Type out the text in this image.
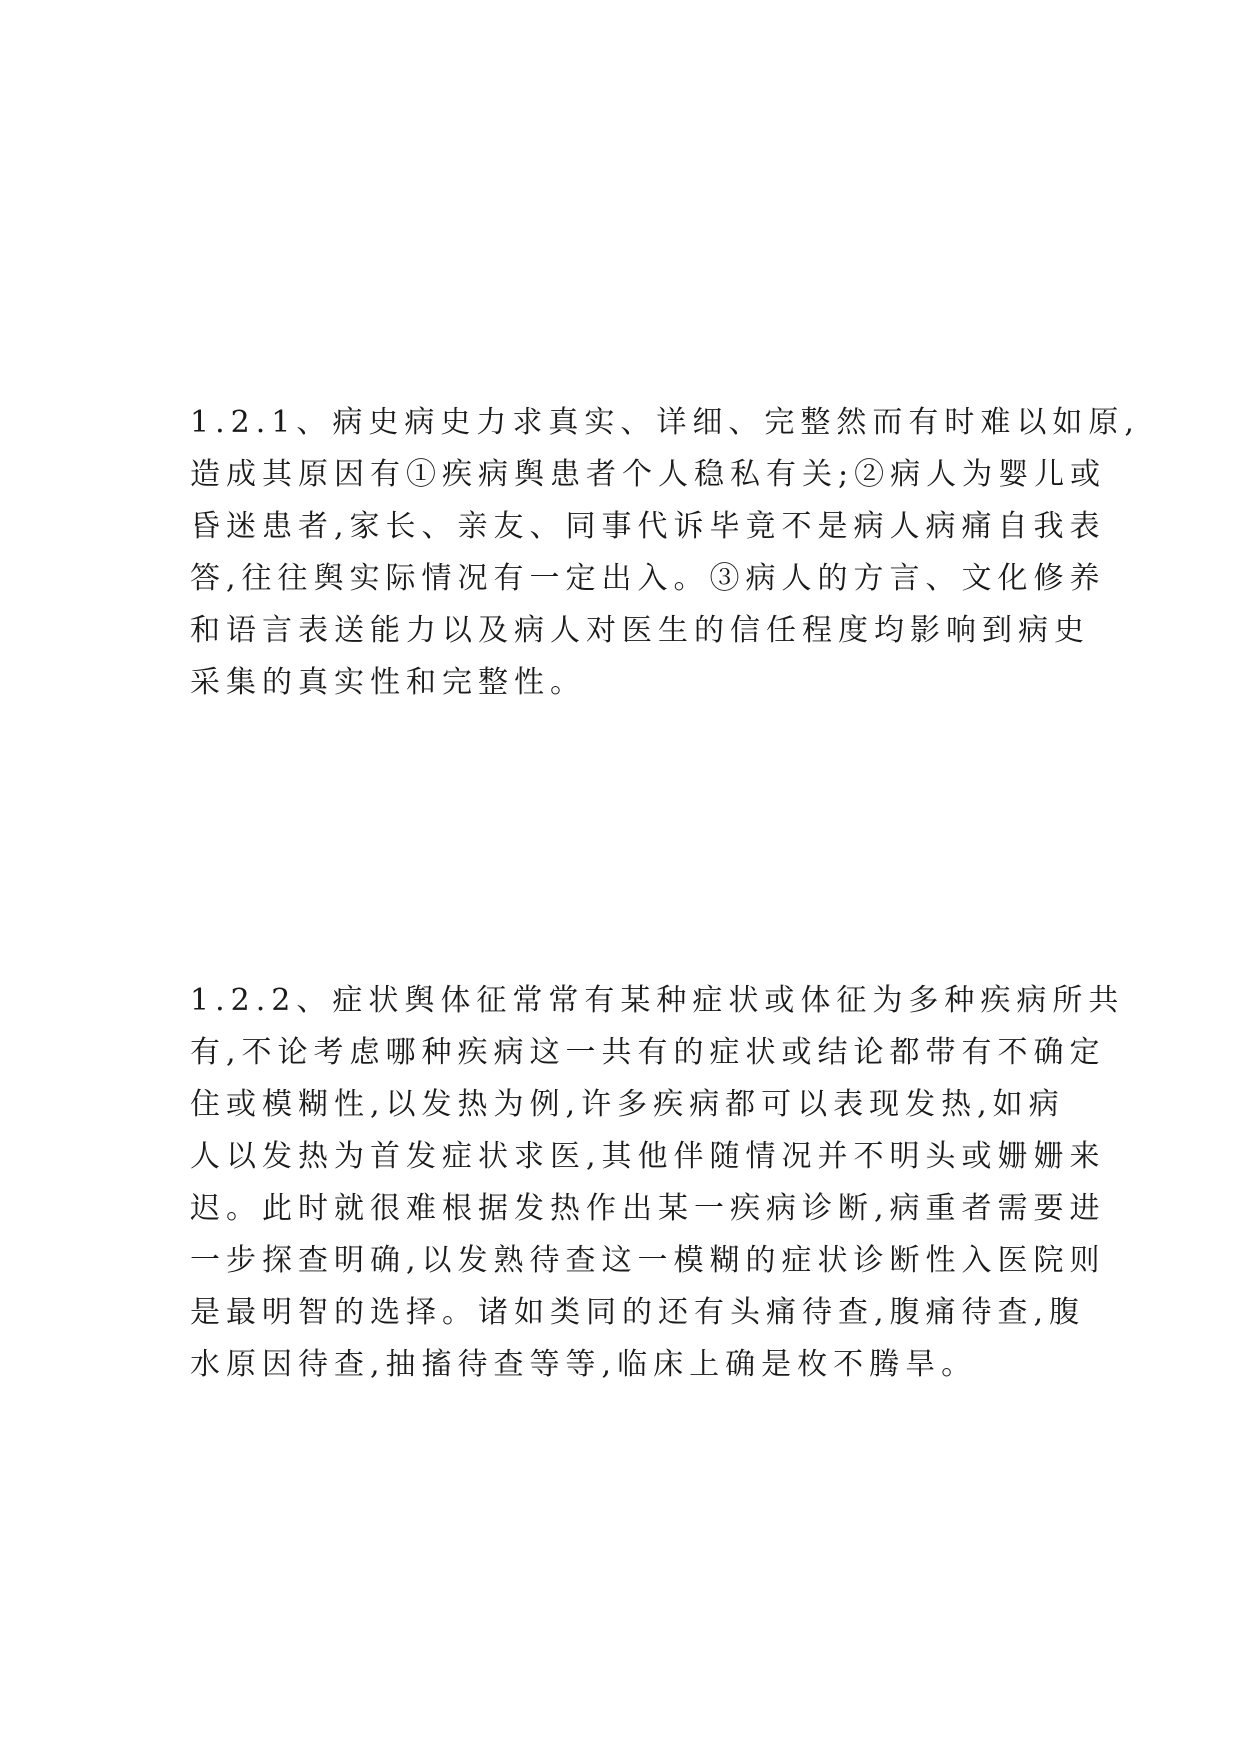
1.2.1、病史病史力求真实、详细、完整然而有时难以如原,
造成其原因有①疾病舆患者个人稳私有关;②病人为婴儿或
昏迷患者,家长、亲友、同事代诉毕竟不是病人病痛自我表
答,往往舆实际情况有一定出入。③病人的方言、文化修养
和语言表送能力以及病人对医生的信任程度均影响到病史
采集的真实性和完整性。
1.2.2、症状舆体征常常有某种症状或体征为多种疾病所共
有,不论考虑哪种疾病这一共有的症状或结论都带有不确定
住或模糊性,以发热为例,许多疾病都可以表现发热,如病
人以发热为首发症状求医,其他伴随情况并不明头或姗姗来
迟。此时就很难根据发热作出某一疾病诊断,病重者需要进
一步探查明确,以发熟待查这一模糊的症状诊断性入医院则
是最明智的选择。诸如类同的还有头痛待查,腹痛待查,腹
水原因待查,抽搐待查等等,临床上确是枚不腾旱。
